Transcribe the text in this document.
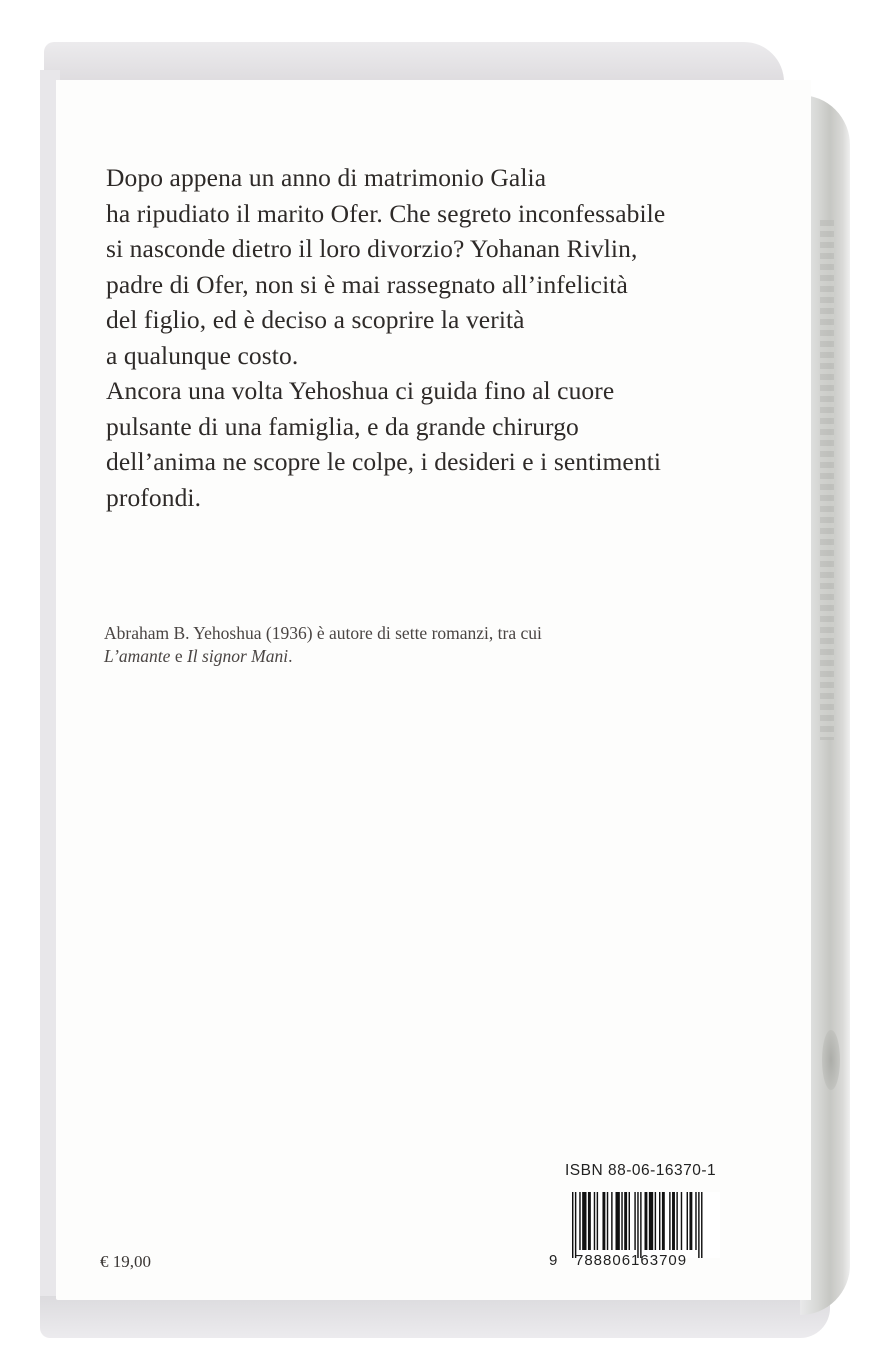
Dopo appena un anno di matrimonio Galia
ha ripudiato il marito Ofer. Che segreto inconfessabile
si nasconde dietro il loro divorzio? Yohanan Rivlin,
padre di Ofer, non si è mai rassegnato all’infelicità
del figlio, ed è deciso a scoprire la verità
a qualunque costo.
Ancora una volta Yehoshua ci guida fino al cuore
pulsante di una famiglia, e da grande chirurgo
dell’anima ne scopre le colpe, i desideri e i sentimenti
profondi.
Abraham B. Yehoshua (1936) è autore di sette romanzi, tra cui
L’amante e Il signor Mani.
€ 19,00
ISBN 88-06-16370-1
9 788806163709
